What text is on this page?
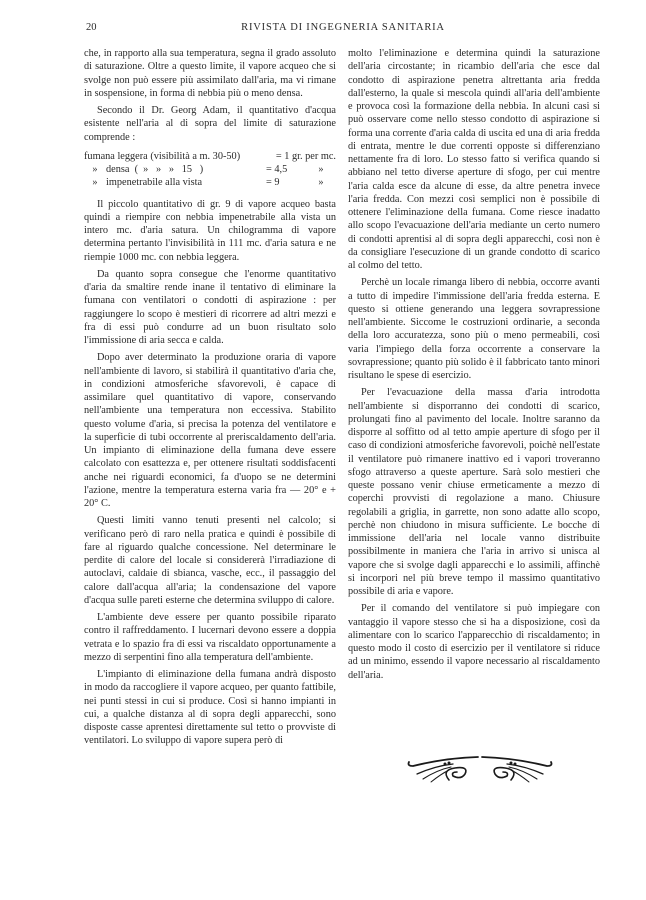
20	RIVISTA DI INGEGNERIA SANITARIA

che, in rapporto alla sua temperatura, segna il grado assoluto di saturazione. Oltre a questo limite, il vapore acqueo che si svolge non può essere più assimilato dall'aria, ma vi rimane in sospensione, in forma di nebbia più o meno densa.

Secondo il Dr. Georg Adam, il quantitativo d'acqua esistente nell'aria al di sopra del limite di saturazione comprende :

fumana leggera (visibilità a m. 30-50)	= 1 gr. per mc.
» densa  (  »   »   »   15   )	= 4,5	»
» impenetrabile alla vista	= 9	»

Il piccolo quantitativo di gr. 9 di vapore acqueo basta quindi a riempire con nebbia impenetrabile alla vista un intero mc. d'aria satura. Un chilogramma di vapore determina pertanto l'invisibilità in 111 mc. d'aria satura e ne riempie 1000 mc. con nebbia leggera.

Da quanto sopra consegue che l'enorme quantitativo d'aria da smaltire rende inane il tentativo di eliminare la fumana con ventilatori o condotti di aspirazione : per raggiungere lo scopo è mestieri di ricorrere ad altri mezzi e fra di essi può condurre ad un buon risultato solo l'immissione di aria secca e calda.

Dopo aver determinato la produzione oraria di vapore nell'ambiente di lavoro, si stabilirà il quantitativo d'aria che, in condizioni atmosferiche sfavorevoli, è capace di assimilare quel quantitativo di vapore, conservando nell'ambiente una temperatura non eccessiva. Stabilito questo volume d'aria, si precisa la potenza del ventilatore e la superficie di tubi occorrente al preriscaldamento dell'aria. Un impianto di eliminazione della fumana deve essere calcolato con esattezza e, per ottenere risultati soddisfacenti anche nei riguardi economici, fa d'uopo se ne determini l'azione, mentre la temperatura esterna varia fra — 20° e + 20° C.

Questi limiti vanno tenuti presenti nel calcolo; si verificano però di raro nella pratica e quindi è possibile di fare al riguardo qualche concessione. Nel determinare le perdite di calore del locale si considererà l'irradiazione di autoclavi, caldaie di sbianca, vasche, ecc., il passaggio del calore dall'acqua all'aria; la condensazione del vapore d'acqua sulle pareti esterne che determina sviluppo di calore.

L'ambiente deve essere per quanto possibile riparato contro il raffreddamento. I lucernari devono essere a doppia vetrata e lo spazio fra di essi va riscaldato opportunamente a mezzo di serpentini fino alla temperatura dell'ambiente.

L'impianto di eliminazione della fumana andrà disposto in modo da raccogliere il vapore acqueo, per quanto fattibile, nei punti stessi in cui si produce. Così si hanno impianti in cui, a qualche distanza al di sopra degli apparecchi, sono disposte casse aprentesi direttamente sul tetto o provviste di ventilatori. Lo sviluppo di vapore supera però di

molto l'eliminazione e determina quindi la saturazione dell'aria circostante; in ricambio dell'aria che esce dal condotto di aspirazione penetra altrettanta aria fredda dall'esterno, la quale si mescola quindi all'aria dell'ambiente e provoca così la formazione della nebbia. In alcuni casi si può osservare come nello stesso condotto di aspirazione si forma una corrente d'aria calda di uscita ed una di aria fredda di entrata, mentre le due correnti opposte si differenziano nettamente fra di loro. Lo stesso fatto si verifica quando si abbiano nel tetto diverse aperture di sfogo, per cui mentre l'aria calda esce da alcune di esse, da altre penetra invece l'aria fredda. Con mezzi così semplici non è possibile di ottenere l'eliminazione della fumana. Come riesce inadatto allo scopo l'evacuazione dell'aria mediante un certo numero di condotti aprentisi al di sopra degli apparecchi, così non è da consigliare l'esecuzione di un grande condotto di scarico al colmo del tetto.

Perchè un locale rimanga libero di nebbia, occorre avanti a tutto di impedire l'immissione dell'aria fredda esterna. E questo si ottiene generando una leggera sovrapressione nell'ambiente. Siccome le costruzioni ordinarie, a seconda della loro accuratezza, sono più o meno permeabili, così varia l'impiego della forza occorrente a conservare la sovrapressione; quanto più solido è il fabbricato tanto minori risultano le spese di esercizio.

Per l'evacuazione della massa d'aria introdotta nell'ambiente si disporranno dei condotti di scarico, prolungati fino al pavimento del locale. Inoltre saranno da disporre al soffitto od al tetto ampie aperture di sfogo per il caso di condizioni atmosferiche favorevoli, poichè nell'estate il ventilatore può rimanere inattivo ed i vapori troveranno sfogo attraverso a queste aperture. Sarà solo mestieri che queste possano venir chiuse ermeticamente a mezzo di coperchi provvisti di regolazione a mano. Chiusure regolabili a griglia, in garrette, non sono adatte allo scopo, perchè non chiudono in misura sufficiente. Le bocche di immissione dell'aria nel locale vanno distribuite possibilmente in maniera che l'aria in arrivo si unisca al vapore che si svolge dagli apparecchi e lo assimili, affinchè si incorpori nel più breve tempo il massimo quantitativo possibile di aria e vapore.

Per il comando del ventilatore si può impiegare con vantaggio il vapore stesso che si ha a disposizione, così da alimentare con lo scarico l'apparecchio di riscaldamento; in questo modo il costo di esercizio per il ventilatore si riduce ad un minimo, essendo il vapore necessario al riscaldamento dell'aria.
